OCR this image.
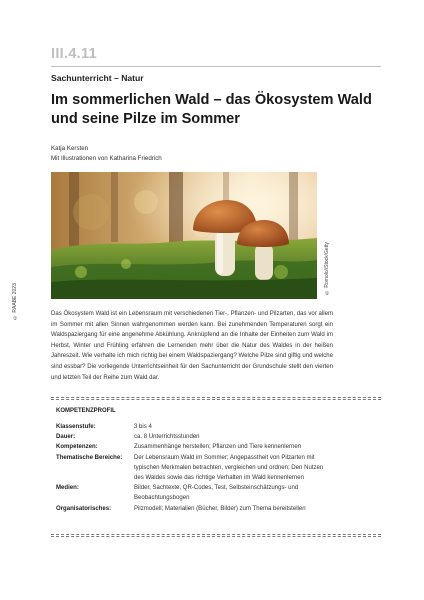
III.4.11
Sachunterricht – Natur
Im sommerlichen Wald – das Ökosystem Wald und seine Pilze im Sommer
Katja Kersten
Mit Illustrationen von Katharina Friedrich
© Romolo/iStock/Getty
© RAABE 2023	Das Ökosystem Wald ist ein Lebensraum mit verschiedenen Tier-, Pflanzen- und Pilzarten, das vor allem im Sommer mit allen Sinnen wahrgenommen werden kann. Bei zunehmenden Temperaturen sorgt ein Waldspaziergang für eine angenehme Abkühlung. Anknüpfend an die Inhalte der Einheiten zum Wald im Herbst, Winter und Frühling erfahren die Lernenden mehr über die Natur des Waldes in der heißen Jahreszeit. Wie verhalte ich mich richtig bei einem Waldspaziergang? Welche Pilze sind giftig und welche sind essbar? Die vorliegende Unterrichtseinheit für den Sachunterricht der Grundschule stellt den vierten und letzten Teil der Reihe zum Wald dar.
KOMPETENZPROFIL
Klassenstufe:	3 bis 4
Dauer:	ca. 8 Unterrichtsstunden
Kompetenzen:	Zusammenhänge herstellen; Pflanzen und Tiere kennenlernen
Thematische Bereiche:	Der Lebensraum Wald im Sommer; Angepasstheit von Pilzarten mit typischen Merkmalen betrachten, vergleichen und ordnen; Den Nutzen des Waldes sowie das richtige Verhalten im Wald kennenlernen
Medien:	Bilder, Sachtexte, QR-Codes, Test, Selbsteinschätzungs- und Beobachtungsbogen
Organisatorisches:	Pilzmodell; Materialien (Bücher, Bilder) zum Thema bereitstellen
